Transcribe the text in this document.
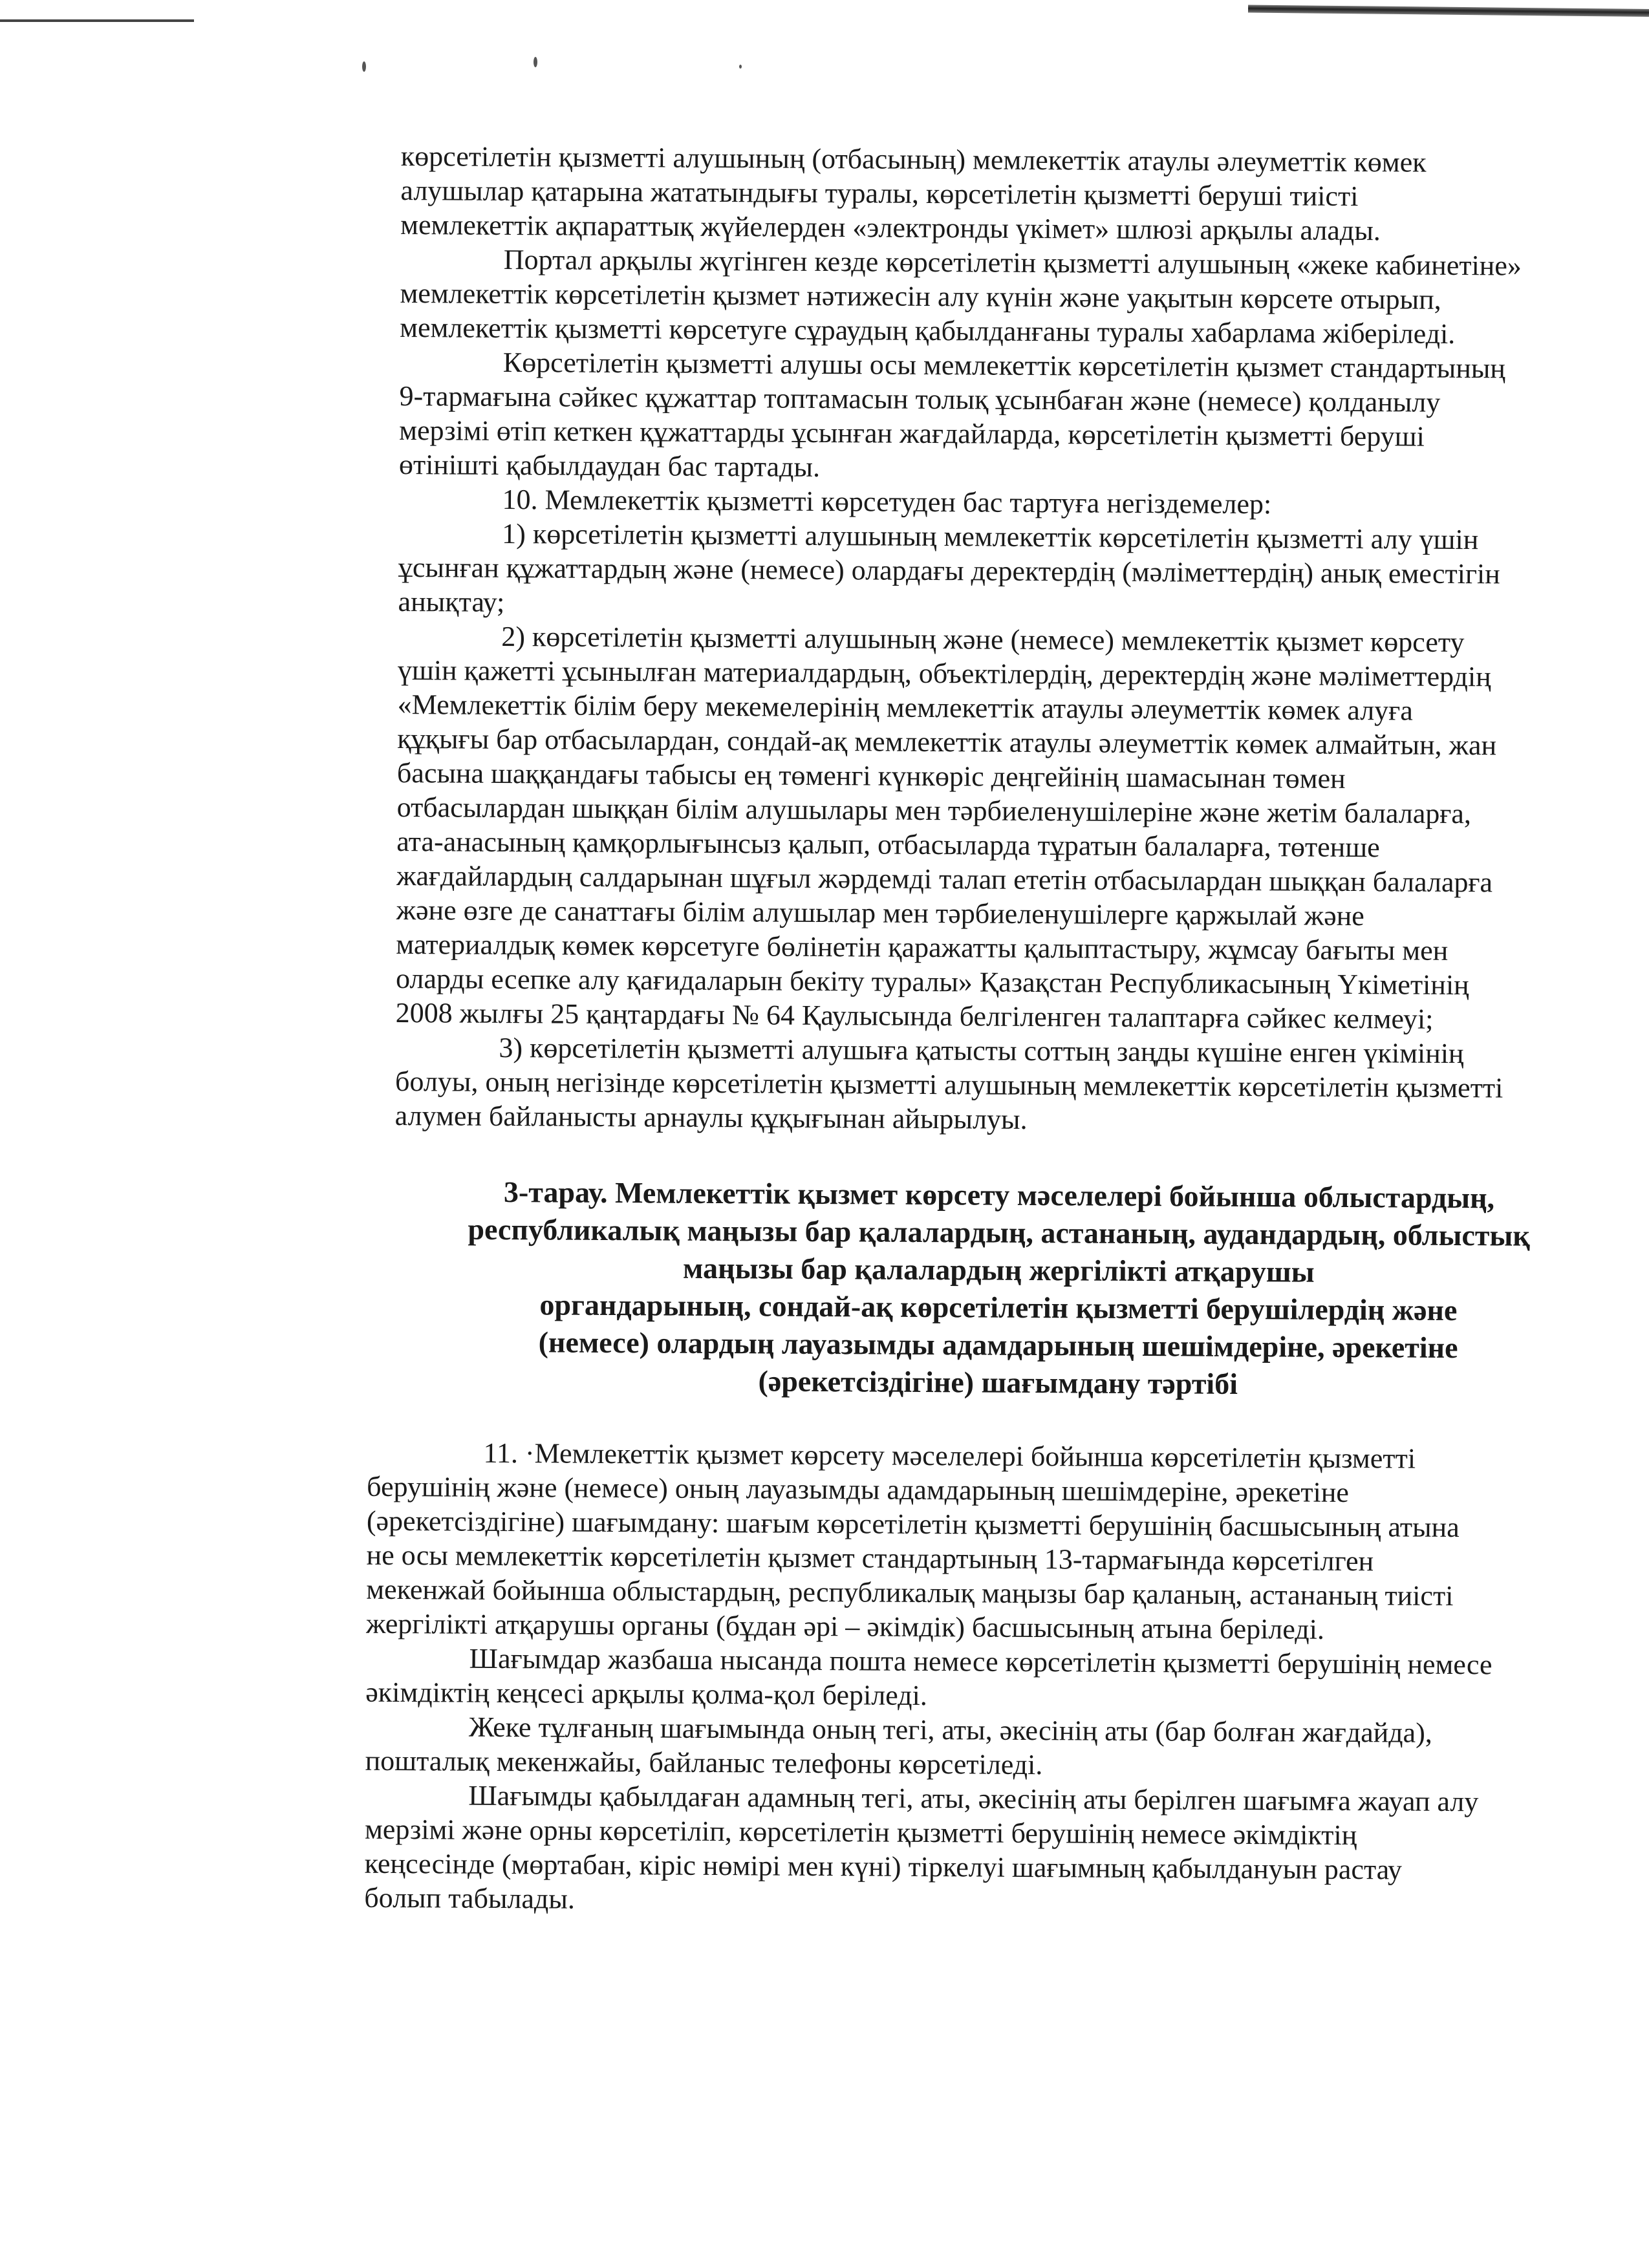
көрсетілетін қызметті алушының (отбасының) мемлекеттік атаулы әлеуметтік көмек

алушылар қатарына жататындығы туралы, көрсетілетін қызметті беруші тиісті

мемлекеттік ақпараттық жүйелерден «электронды үкімет» шлюзі арқылы алады.

Портал арқылы жүгінген кезде көрсетілетін қызметті алушының «жеке кабинетіне»

мемлекеттік көрсетілетін қызмет нәтижесін алу күнін және уақытын көрсете отырып,

мемлекеттік қызметті көрсетуге сұраудың қабылданғаны туралы хабарлама жіберіледі.

Көрсетілетін қызметті алушы осы мемлекеттік көрсетілетін қызмет стандартының

9-тармағына сәйкес құжаттар топтамасын толық ұсынбаған және (немесе) қолданылу

мерзімі өтіп кеткен құжаттарды ұсынған жағдайларда, көрсетілетін қызметті беруші

өтінішті қабылдаудан бас тартады.

10. Мемлекеттік қызметті көрсетуден бас тартуға негіздемелер:

1) көрсетілетін қызметті алушының мемлекеттік көрсетілетін қызметті алу үшін

ұсынған құжаттардың және (немесе) олардағы деректердің (мәліметтердің) анық еместігін

анықтау;

2) көрсетілетін қызметті алушының және (немесе) мемлекеттік қызмет көрсету

үшін қажетті ұсынылған материалдардың, объектілердің, деректердің және мәліметтердің

«Мемлекеттік білім беру мекемелерінің мемлекеттік атаулы әлеуметтік көмек алуға

құқығы бар отбасылардан, сондай-ақ мемлекеттік атаулы әлеуметтік көмек алмайтын, жан

басына шаққандағы табысы ең төменгі күнкөріс деңгейінің шамасынан төмен

отбасылардан шыққан білім алушылары мен тәрбиеленушілеріне және жетім балаларға,

ата-анасының қамқорлығынсыз қалып, отбасыларда тұратын балаларға, төтенше

жағдайлардың салдарынан шұғыл жәрдемді талап ететін отбасылардан шыққан балаларға

және өзге де санаттағы білім алушылар мен тәрбиеленушілерге қаржылай және

материалдық көмек көрсетуге бөлінетін қаражатты қалыптастыру, жұмсау бағыты мен

оларды есепке алу қағидаларын бекіту туралы» Қазақстан Республикасының Үкіметінің

2008 жылғы 25 қаңтардағы № 64 Қаулысында белгіленген талаптарға сәйкес келмеуі;

3) көрсетілетін қызметті алушыға қатысты соттың заңды күшіне енген үкімінің

болуы, оның негізінде көрсетілетін қызметті алушының мемлекеттік көрсетілетін қызметті

алумен байланысты арнаулы құқығынан айырылуы.

3-тарау. Мемлекеттік қызмет көрсету мәселелері бойынша облыстардың,
республикалық маңызы бар қалалардың, астананың, аудандардың, облыстық
маңызы бар қалалардың жергілікті атқарушы
органдарының, сондай-ақ көрсетілетін қызметті берушілердің және
(немесе) олардың лауазымды адамдарының шешімдеріне, әрекетіне
(әрекетсіздігіне) шағымдану тәртібі

11. ·Мемлекеттік қызмет көрсету мәселелері бойынша көрсетілетін қызметті

берушінің және (немесе) оның лауазымды адамдарының шешімдеріне, әрекетіне

(әрекетсіздігіне) шағымдану: шағым көрсетілетін қызметті берушінің басшысының атына

не осы мемлекеттік көрсетілетін қызмет стандартының 13-тармағында көрсетілген

мекенжай бойынша облыстардың, республикалық маңызы бар қаланың, астананың тиісті

жергілікті атқарушы органы (бұдан әрі – әкімдік) басшысының атына беріледі.

Шағымдар жазбаша нысанда пошта немесе көрсетілетін қызметті берушінің немесе

әкімдіктің кеңсесі арқылы қолма-қол беріледі.

Жеке тұлғаның шағымында оның тегі, аты, әкесінің аты (бар болған жағдайда),

пошталық мекенжайы, байланыс телефоны көрсетіледі.

Шағымды қабылдаған адамның тегі, аты, әкесінің аты берілген шағымға жауап алу

мерзімі және орны көрсетіліп, көрсетілетін қызметті берушінің немесе әкімдіктің

кеңсесінде (мөртабан, кіріс нөмірі мен күні) тіркелуі шағымның қабылдануын растау

болып табылады.
